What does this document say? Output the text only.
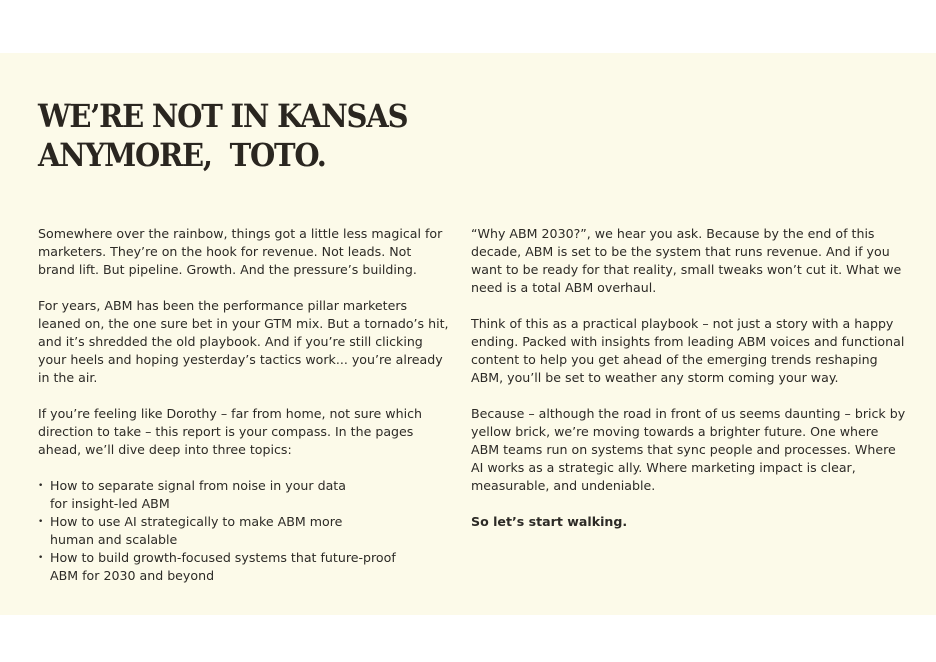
WE’RE NOT IN KANSAS
ANYMORE,  TOTO.

Somewhere over the rainbow, things got a little less magical for marketers. They’re on the hook for revenue. Not leads. Not brand lift. But pipeline. Growth. And the pressure’s building.

For years, ABM has been the performance pillar marketers leaned on, the one sure bet in your GTM mix. But a tornado’s hit, and it’s shredded the old playbook. And if you’re still clicking your heels and hoping yesterday’s tactics work... you’re already in the air.

If you’re feeling like Dorothy – far from home, not sure which direction to take – this report is your compass. In the pages ahead, we’ll dive deep into three topics:

• How to separate signal from noise in your data
for insight-led ABM
• How to use AI strategically to make ABM more
human and scalable
• How to build growth-focused systems that future-proof
ABM for 2030 and beyond

“Why ABM 2030?”, we hear you ask. Because by the end of this decade, ABM is set to be the system that runs revenue. And if you want to be ready for that reality, small tweaks won’t cut it. What we need is a total ABM overhaul.

Think of this as a practical playbook – not just a story with a happy ending. Packed with insights from leading ABM voices and functional content to help you get ahead of the emerging trends reshaping ABM, you’ll be set to weather any storm coming your way.

Because – although the road in front of us seems daunting – brick by yellow brick, we’re moving towards a brighter future. One where ABM teams run on systems that sync people and processes. Where AI works as a strategic ally. Where marketing impact is clear, measurable, and undeniable.

So let’s start walking.
